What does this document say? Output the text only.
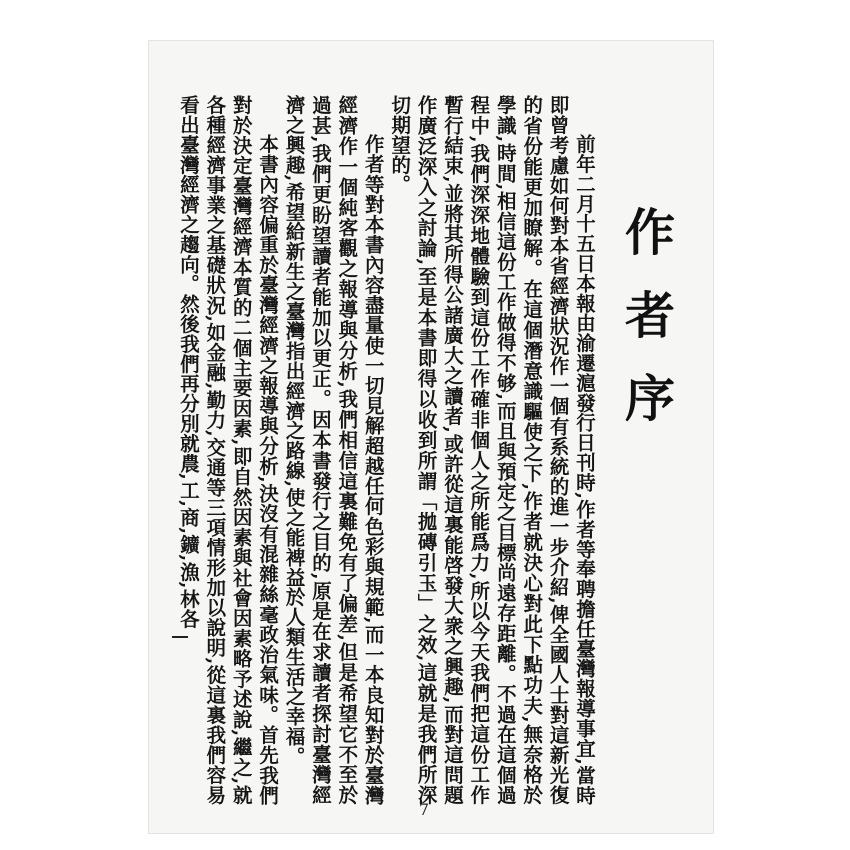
作
者
序

前年二月十五日本報由渝遷滬發行日刊時,作者等奉聘擔任臺灣報導事宜,當時即曾考慮如何對本省經濟狀況作一個有系統的進一步介紹,俾全國人士對這新光復的省份能更加瞭解。在這個潛意識驅使之下,作者就決心對此下點功夫,無奈格於學識,時間,相信這份工作做得不够,而且與預定之目標尚遠存距離。不過在這個過程中,我們深深地體驗到這份工作確非個人之所能爲力,所以今天我們把這份工作暫行結束,並將其所得公諸廣大之讀者,或許從這裏能啓發大衆之興趣,而對這問題作廣泛深入之討論,至是本書即得以收到所謂「拋磚引玉」之效,這就是我們所深切期望的。

作者等對本書內容盡量使一切見解超越任何色彩與規範,而一本良知對於臺灣經濟作一個純客觀之報導與分析,我們相信這裏難免有了偏差,但是希望它不至於過甚,我們更盼望讀者能加以更正。因本書發行之目的,原是在求讀者探討臺灣經濟之興趣,希望給新生之臺灣指出經濟之路線,使之能裨益於人類生活之幸福。

本書內容偏重於臺灣經濟之報導與分析,決沒有混雜絲毫政治氣味。首先我們對於決定臺灣經濟本質的二個主要因素,即自然因素與社會因素略予述說,繼之,就各種經濟事業之基礎狀況,如金融,勤力,交通等三項情形加以說明,從這裏我們容易看出臺灣經濟之趨向。然後我們再分別就農,工,商,鑛,漁,林各

7
